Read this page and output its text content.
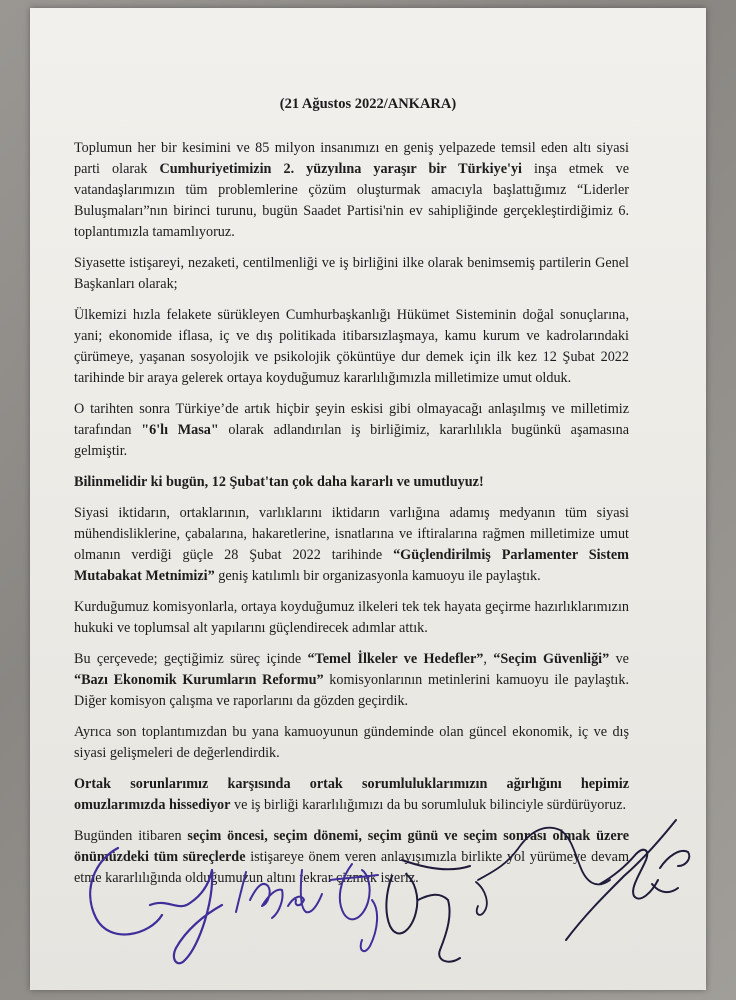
(21 Ağustos 2022/ANKARA)

Toplumun her bir kesimini ve 85 milyon insanımızı en geniş yelpazede temsil eden altı siyasi parti olarak Cumhuriyetimizin 2. yüzyılına yaraşır bir Türkiye'yi inşa etmek ve vatandaşlarımızın tüm problemlerine çözüm oluşturmak amacıyla başlattığımız “Liderler Buluşmaları”nın birinci turunu, bugün Saadet Partisi'nin ev sahipliğinde gerçekleştirdiğimiz 6. toplantımızla tamamlıyoruz.

Siyasette istişareyi, nezaketi, centilmenliği ve iş birliğini ilke olarak benimsemiş partilerin Genel Başkanları olarak;

Ülkemizi hızla felakete sürükleyen Cumhurbaşkanlığı Hükümet Sisteminin doğal sonuçlarına, yani; ekonomide iflasa, iç ve dış politikada itibarsızlaşmaya, kamu kurum ve kadrolarındaki çürümeye, yaşanan sosyolojik ve psikolojik çöküntüye dur demek için ilk kez 12 Şubat 2022 tarihinde bir araya gelerek ortaya koyduğumuz kararlılığımızla milletimize umut olduk.

O tarihten sonra Türkiye’de artık hiçbir şeyin eskisi gibi olmayacağı anlaşılmış ve milletimiz tarafından "6'lı Masa" olarak adlandırılan iş birliğimiz, kararlılıkla bugünkü aşamasına gelmiştir.

Bilinmelidir ki bugün, 12 Şubat'tan çok daha kararlı ve umutluyuz!

Siyasi iktidarın, ortaklarının, varlıklarını iktidarın varlığına adamış medyanın tüm siyasi mühendisliklerine, çabalarına, hakaretlerine, isnatlarına ve iftiralarına rağmen milletimize umut olmanın verdiği güçle 28 Şubat 2022 tarihinde “Güçlendirilmiş Parlamenter Sistem Mutabakat Metnimizi” geniş katılımlı bir organizasyonla kamuoyu ile paylaştık.

Kurduğumuz komisyonlarla, ortaya koyduğumuz ilkeleri tek tek hayata geçirme hazırlıklarımızın hukuki ve toplumsal alt yapılarını güçlendirecek adımlar attık.

Bu çerçevede; geçtiğimiz süreç içinde “Temel İlkeler ve Hedefler”, “Seçim Güvenliği” ve “Bazı Ekonomik Kurumların Reformu” komisyonlarının metinlerini kamuoyu ile paylaştık. Diğer komisyon çalışma ve raporlarını da gözden geçirdik.

Ayrıca son toplantımızdan bu yana kamuoyunun gündeminde olan güncel ekonomik, iç ve dış siyasi gelişmeleri de değerlendirdik.

Ortak sorunlarımız karşısında ortak sorumluluklarımızın ağırlığını hepimiz omuzlarımızda hissediyor ve iş birliği kararlılığımızı da bu sorumluluk bilinciyle sürdürüyoruz.

Bugünden itibaren seçim öncesi, seçim dönemi, seçim günü ve seçim sonrası olmak üzere önümüzdeki tüm süreçlerde istişareye önem veren anlayışımızla birlikte yol yürümeye devam etme kararlılığında olduğumuzun altını tekrar çizmek isteriz.
